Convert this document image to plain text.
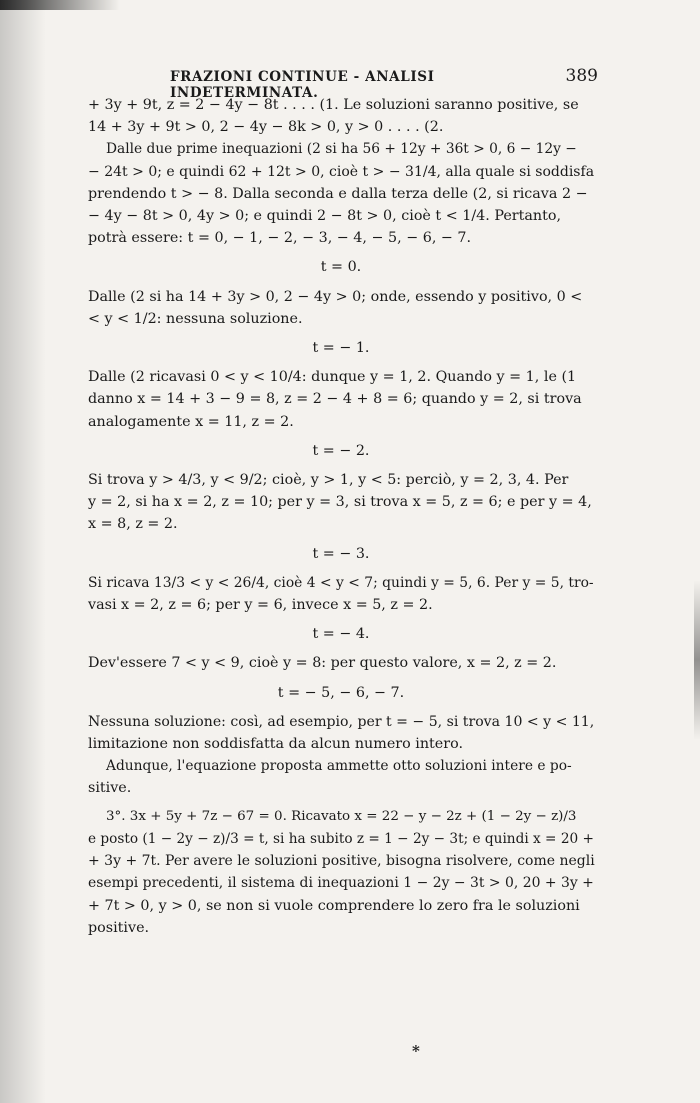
FRAZIONI CONTINUE - ANALISI INDETERMINATA.
389
+ 3y + 9t, z = 2 − 4y − 8t . . . . (1. Le soluzioni saranno positive, se
14 + 3y + 9t > 0, 2 − 4y − 8k > 0, y > 0 . . . . (2.
Dalle due prime inequazioni (2 si ha 56 + 12y + 36t > 0, 6 − 12y −
− 24t > 0; e quindi 62 + 12t > 0, cioè t > − 31/4, alla quale si soddisfa
prendendo t > − 8. Dalla seconda e dalla terza delle (2, si ricava 2 −
− 4y − 8t > 0, 4y > 0; e quindi 2 − 8t > 0, cioè t < 1/4. Pertanto,
potrà essere: t = 0, − 1, − 2, − 3, − 4, − 5, − 6, − 7.
t = 0.
Dalle (2 si ha 14 + 3y > 0, 2 − 4y > 0; onde, essendo y positivo, 0 <
< y < 1/2: nessuna soluzione.
t = − 1.
Dalle (2 ricavasi 0 < y < 10/4: dunque y = 1, 2. Quando y = 1, le (1
danno x = 14 + 3 − 9 = 8, z = 2 − 4 + 8 = 6; quando y = 2, si trova
analogamente x = 11, z = 2.
t = − 2.
Si trova y > 4/3, y < 9/2; cioè, y > 1, y < 5: perciò, y = 2, 3, 4. Per
y = 2, si ha x = 2, z = 10; per y = 3, si trova x = 5, z = 6; e per y = 4,
x = 8, z = 2.
t = − 3.
Si ricava 13/3 < y < 26/4, cioè 4 < y < 7; quindi y = 5, 6. Per y = 5, tro-
vasi x = 2, z = 6; per y = 6, invece x = 5, z = 2.
t = − 4.
Dev'essere 7 < y < 9, cioè y = 8: per questo valore, x = 2, z = 2.
t = − 5, − 6, − 7.
Nessuna soluzione: così, ad esempio, per t = − 5, si trova 10 < y < 11,
limitazione non soddisfatta da alcun numero intero.
Adunque, l'equazione proposta ammette otto soluzioni intere e po-
sitive.
3°. 3x + 5y + 7z − 67 = 0. Ricavato x = 22 − y − 2z + (1 − 2y − z)/3
e posto (1 − 2y − z)/3 = t, si ha subito z = 1 − 2y − 3t; e quindi x = 20 +
+ 3y + 7t. Per avere le soluzioni positive, bisogna risolvere, come negli
esempi precedenti, il sistema di inequazioni 1 − 2y − 3t > 0, 20 + 3y +
+ 7t > 0, y > 0, se non si vuole comprendere lo zero fra le soluzioni
positive.
*
